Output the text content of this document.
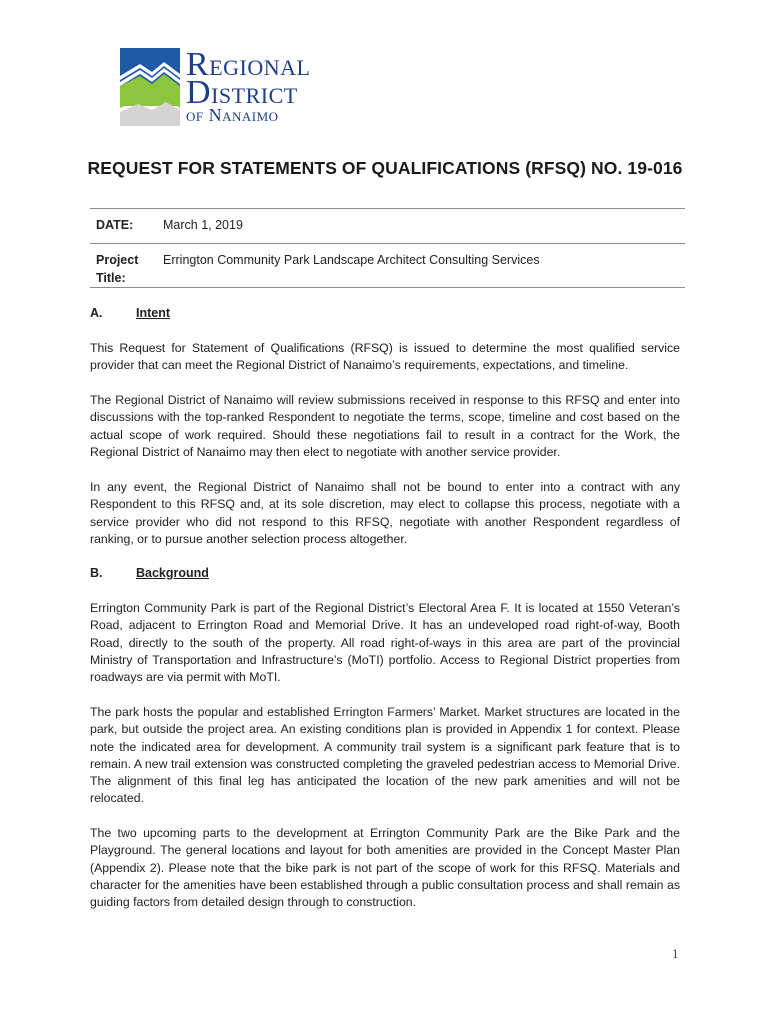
Regional
District
of Nanaimo
REQUEST FOR STATEMENTS OF QUALIFICATIONS (RFSQ) NO. 19-016
DATE: March 1, 2019
Project
Title:
Errington Community Park Landscape Architect Consulting Services
A.	Intent
This Request for Statement of Qualifications (RFSQ) is issued to determine the most qualified service provider that can meet the Regional District of Nanaimo’s requirements, expectations, and timeline.
The Regional District of Nanaimo will review submissions received in response to this RFSQ and enter into discussions with the top-ranked Respondent to negotiate the terms, scope, timeline and cost based on the actual scope of work required. Should these negotiations fail to result in a contract for the Work, the Regional District of Nanaimo may then elect to negotiate with another service provider.
In any event, the Regional District of Nanaimo shall not be bound to enter into a contract with any Respondent to this RFSQ and, at its sole discretion, may elect to collapse this process, negotiate with a service provider who did not respond to this RFSQ, negotiate with another Respondent regardless of ranking, or to pursue another selection process altogether.
B.	Background
Errington Community Park is part of the Regional District’s Electoral Area F. It is located at 1550 Veteran’s Road, adjacent to Errington Road and Memorial Drive. It has an undeveloped road right-of-way, Booth Road, directly to the south of the property. All road right-of-ways in this area are part of the provincial Ministry of Transportation and Infrastructure’s (MoTI) portfolio. Access to Regional District properties from roadways are via permit with MoTI.
The park hosts the popular and established Errington Farmers’ Market. Market structures are located in the park, but outside the project area. An existing conditions plan is provided in Appendix 1 for context. Please note the indicated area for development. A community trail system is a significant park feature that is to remain. A new trail extension was constructed completing the graveled pedestrian access to Memorial Drive. The alignment of this final leg has anticipated the location of the new park amenities and will not be relocated.
The two upcoming parts to the development at Errington Community Park are the Bike Park and the Playground. The general locations and layout for both amenities are provided in the Concept Master Plan (Appendix 2). Please note that the bike park is not part of the scope of work for this RFSQ. Materials and character for the amenities have been established through a public consultation process and shall remain as guiding factors from detailed design through to construction.
1
